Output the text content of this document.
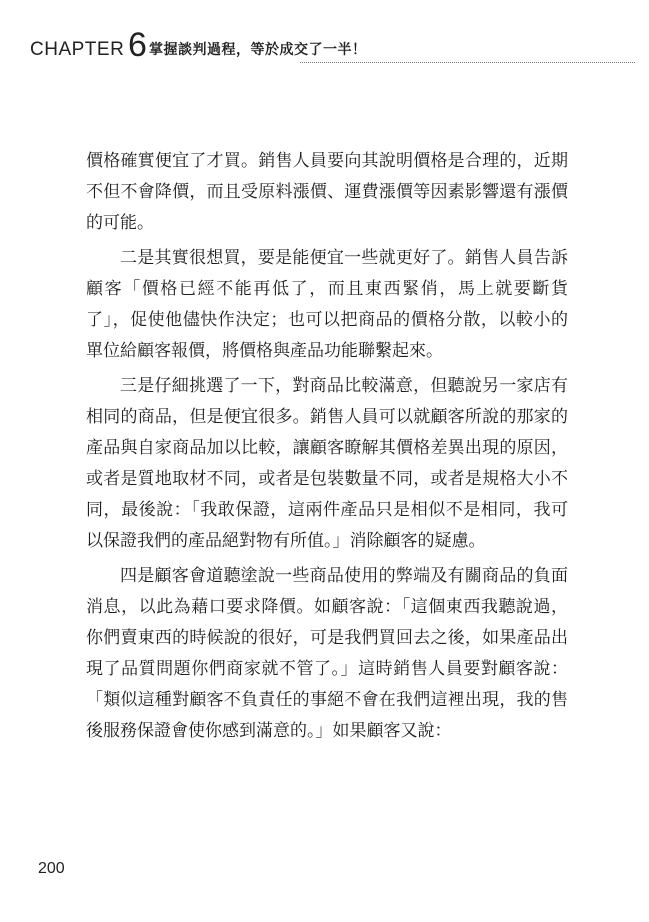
CHAPTER 6 掌握談判過程，等於成交了一半！

價格確實便宜了才買。銷售人員要向其說明價格是合理的，近期不但不會降價，而且受原料漲價、運費漲價等因素影響還有漲價的可能。

二是其實很想買，要是能便宜一些就更好了。銷售人員告訴顧客「價格已經不能再低了，而且東西緊俏，馬上就要斷貨了」，促使他儘快作決定；也可以把商品的價格分散，以較小的單位給顧客報價，將價格與產品功能聯繫起來。

三是仔細挑選了一下，對商品比較滿意，但聽說另一家店有相同的商品，但是便宜很多。銷售人員可以就顧客所說的那家的產品與自家商品加以比較，讓顧客瞭解其價格差異出現的原因，或者是質地取材不同，或者是包裝數量不同，或者是規格大小不同，最後說：「我敢保證，這兩件產品只是相似不是相同，我可以保證我們的產品絕對物有所值。」消除顧客的疑慮。

四是顧客會道聽塗說一些商品使用的弊端及有關商品的負面消息，以此為藉口要求降價。如顧客說：「這個東西我聽說過，你們賣東西的時候說的很好，可是我們買回去之後，如果產品出現了品質問題你們商家就不管了。」這時銷售人員要對顧客說：「類似這種對顧客不負責任的事絕不會在我們這裡出現，我的售後服務保證會使你感到滿意的。」如果顧客又說：

200
